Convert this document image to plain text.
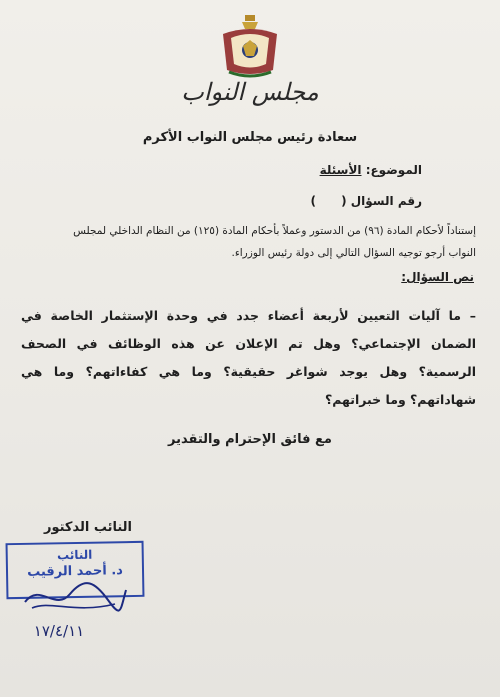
مجلس النواب
سعادة رئيس مجلس النواب الأكرم
الموضوع: الأسئلة
رقم السؤال (      )
إستناداً لأحكام المادة (٩٦) من الدستور وعملاً بأحكام المادة (١٢٥) من النظام الداخلي لمجلس
النواب أرجو توجيه السؤال التالي إلى دولة رئيس الوزراء.
نص السؤال:
– ما آليات التعيين لأربعة أعضاء جدد في وحدة الإستثمار الخاصة في الضمان الإجتماعي؟ وهل تم الإعلان عن هذه الوظائف في الصحف الرسمية؟ وهل يوجد شواغر حقيقية؟ وما هي كفاءاتهم؟ وما هي شهاداتهم؟ وما خبراتهم؟
مع فائق الإحترام والتقدير
النائب الدكتور
النائب
د. أحمد الرقيب
١٧/٤/١١
